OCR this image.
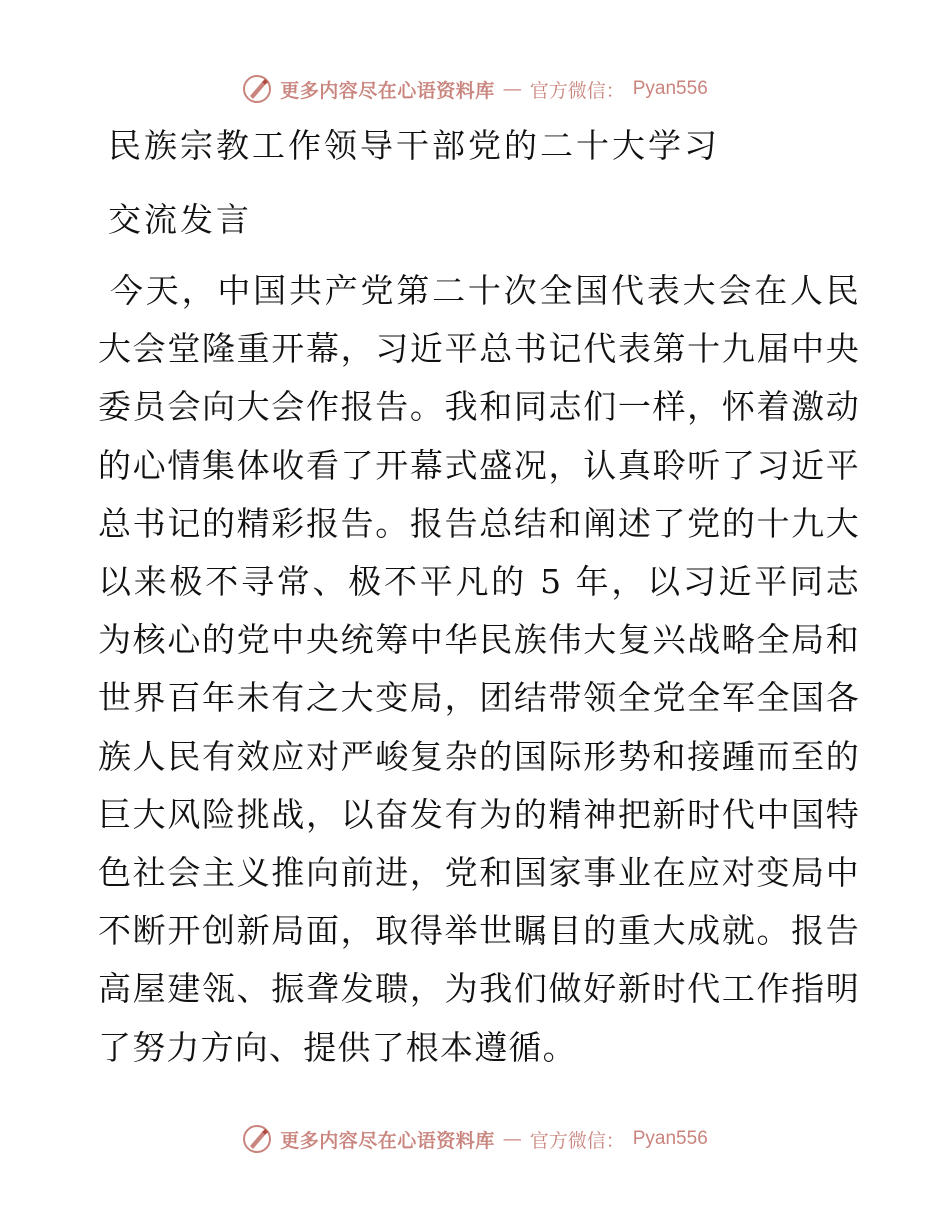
更多内容尽在心语资料库 — 官方微信： Pyan556
民族宗教工作领导干部党的二十大学习
交流发言

今天，中国共产党第二十次全国代表大会在人民大会堂隆重开幕，习近平总书记代表第十九届中央委员会向大会作报告。我和同志们一样，怀着激动的心情集体收看了开幕式盛况，认真聆听了习近平总书记的精彩报告。报告总结和阐述了党的十九大以来极不寻常、极不平凡的 5 年，以习近平同志为核心的党中央统筹中华民族伟大复兴战略全局和世界百年未有之大变局，团结带领全党全军全国各族人民有效应对严峻复杂的国际形势和接踵而至的巨大风险挑战，以奋发有为的精神把新时代中国特色社会主义推向前进，党和国家事业在应对变局中不断开创新局面，取得举世瞩目的重大成就。报告高屋建瓴、振聋发聩，为我们做好新时代工作指明了努力方向、提供了根本遵循。

更多内容尽在心语资料库 — 官方微信： Pyan556
